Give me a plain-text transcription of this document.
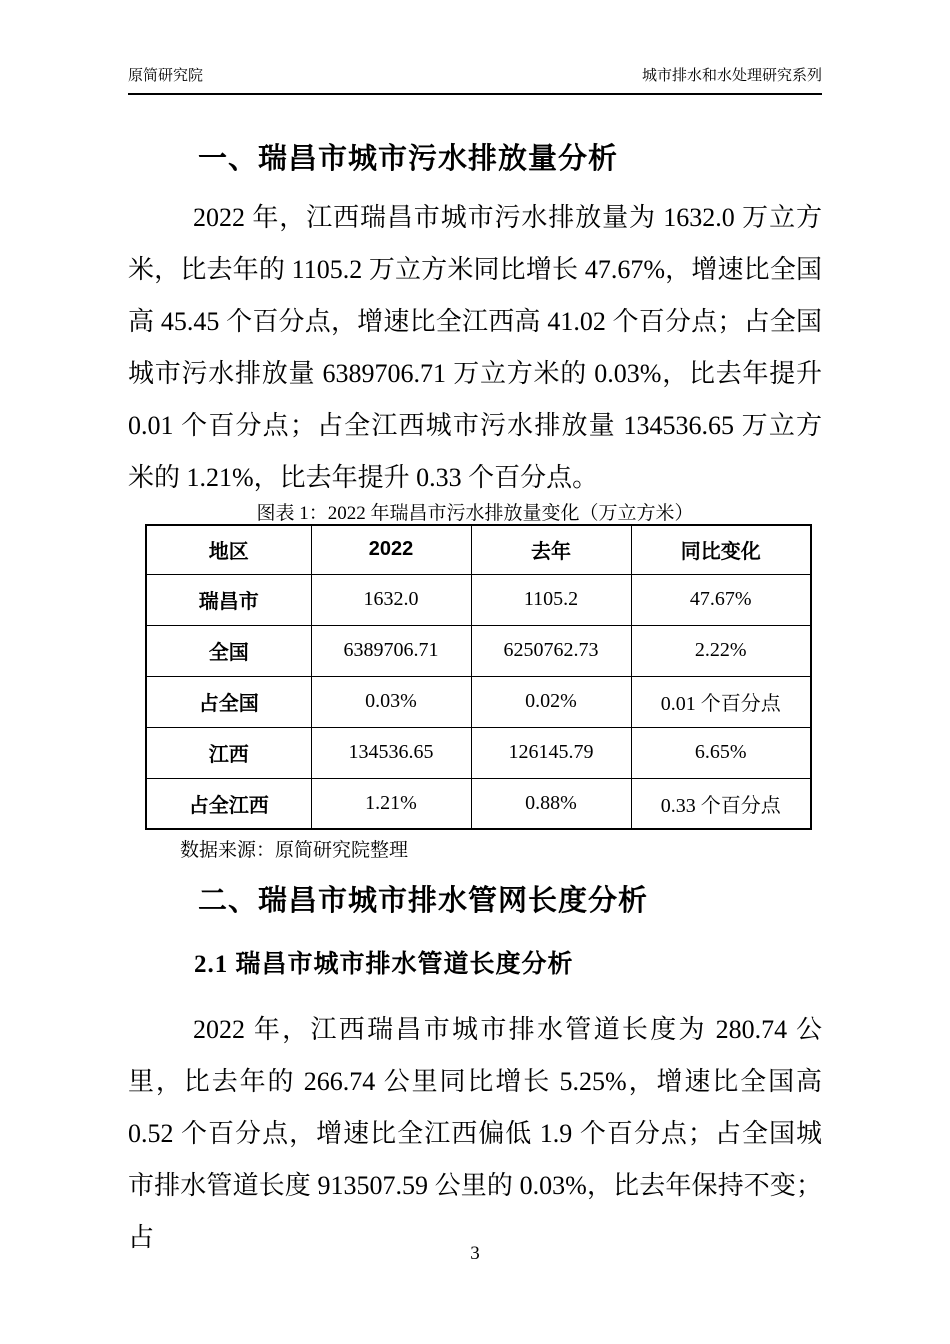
原简研究院	城市排水和水处理研究系列
一、瑞昌市城市污水排放量分析

2022 年，江西瑞昌市城市污水排放量为 1632.0 万立方米，比去年的 1105.2 万立方米同比增长 47.67%，增速比全国高 45.45 个百分点，增速比全江西高 41.02 个百分点；占全国城市污水排放量 6389706.71 万立方米的 0.03%，比去年提升 0.01 个百分点；占全江西城市污水排放量 134536.65 万立方米的 1.21%，比去年提升 0.33 个百分点。

图表 1：2022 年瑞昌市污水排放量变化（万立方米）
地区	2022	去年	同比变化
瑞昌市	1632.0	1105.2	47.67%
全国	6389706.71	6250762.73	2.22%
占全国	0.03%	0.02%	0.01 个百分点
江西	134536.65	126145.79	6.65%
占全江西	1.21%	0.88%	0.33 个百分点
数据来源：原简研究院整理
二、瑞昌市城市排水管网长度分析
2.1 瑞昌市城市排水管道长度分析

2022 年，江西瑞昌市城市排水管道长度为 280.74 公里，比去年的 266.74 公里同比增长 5.25%，增速比全国高 0.52 个百分点，增速比全江西偏低 1.9 个百分点；占全国城市排水管道长度 913507.59 公里的 0.03%，比去年保持不变；占

3
